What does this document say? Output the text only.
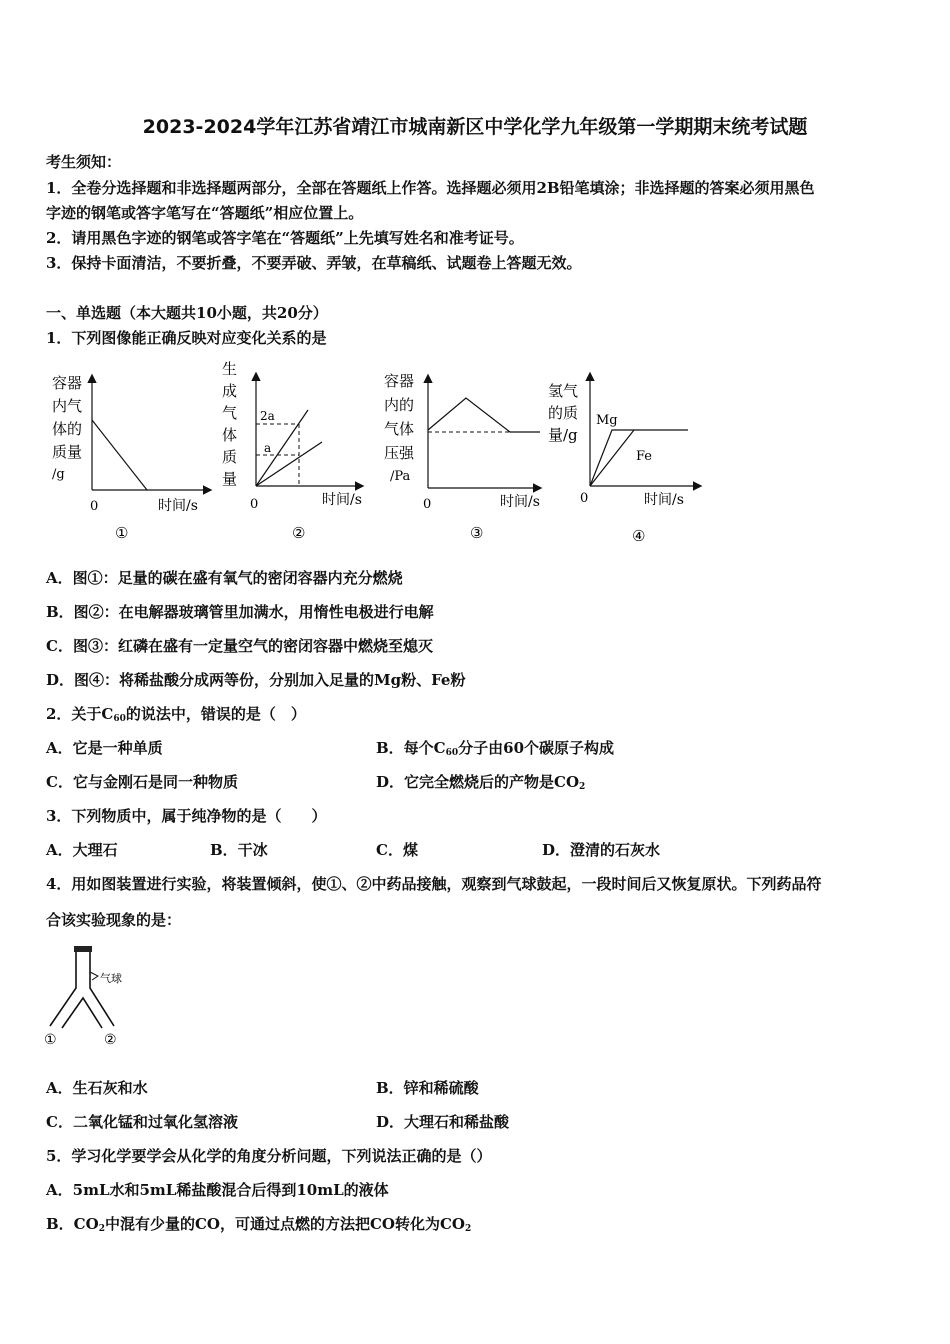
2023-2024学年江苏省靖江市城南新区中学化学九年级第一学期期末统考试题
考生须知：
1．全卷分选择题和非选择题两部分，全部在答题纸上作答。选择题必须用2B铅笔填涂；非选择题的答案必须用黑色
字迹的钢笔或答字笔写在“答题纸”相应位置上。
2．请用黑色字迹的钢笔或答字笔在“答题纸”上先填写姓名和准考证号。
3．保持卡面清洁，不要折叠，不要弄破、弄皱，在草稿纸、试题卷上答题无效。
一、单选题（本大题共10小题，共20分）
1．下列图像能正确反映对应变化关系的是
容器
内气
体的
质量
/g
0	时间/s
①
生
成
气
体
质
量
2a
a
0	时间/s
②
容器
内的
气体
压强
/Pa
0	时间/s
③
氢气
的质
量/g
Mg
Fe
0	时间/s
④
A．图①：足量的碳在盛有氧气的密闭容器内充分燃烧
B．图②：在电解器玻璃管里加满水，用惰性电极进行电解
C．图③：红磷在盛有一定量空气的密闭容器中燃烧至熄灭
D．图④：将稀盐酸分成两等份，分别加入足量的Mg粉、Fe粉
2．关于$C_{60}$的说法中，错误的是（　）
A．它是一种单质	B．每个$C_{60}$分子由60个碳原子构成
C．它与金刚石是同一种物质	D．它完全燃烧后的产物是$CO_2$
3．下列物质中，属于纯净物的是（　　）
A．大理石	B．干冰	C．煤	D．澄清的石灰水
4．用如图装置进行实验，将装置倾斜，使①、②中药品接触，观察到气球鼓起，一段时间后又恢复原状。下列药品符
合该实验现象的是：
气球
①	②
A．生石灰和水	B．锌和稀硫酸
C．二氧化锰和过氧化氢溶液	D．大理石和稀盐酸
5．学习化学要学会从化学的角度分析问题，下列说法正确的是（）
A．5mL水和5mL稀盐酸混合后得到10mL的液体
B．$CO_2$中混有少量的CO，可通过点燃的方法把CO转化为$CO_2$
